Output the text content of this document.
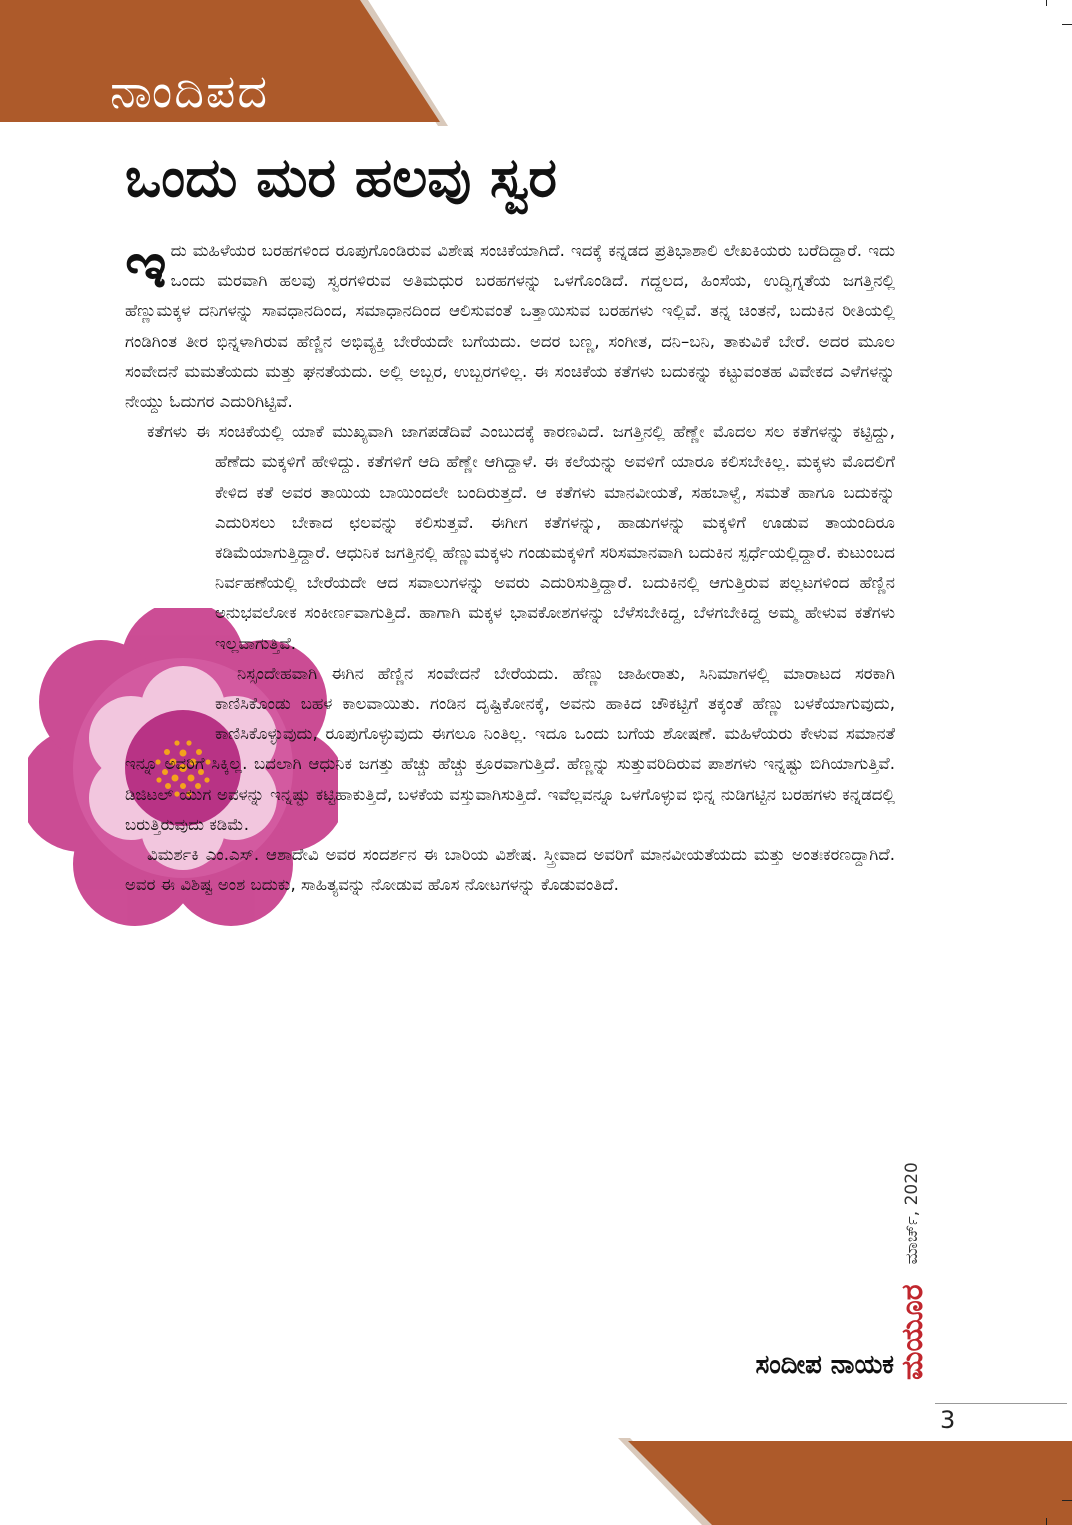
ನಾಂದಿಪದ
ಒಂದು ಮರ ಹಲವು ಸ್ವರ
ಇ ದು ಮಹಿಳೆಯರ ಬರಹಗಳಿಂದ ರೂಪುಗೊಂಡಿರುವ ವಿಶೇಷ ಸಂಚಿಕೆಯಾಗಿದೆ. ಇದಕ್ಕೆ ಕನ್ನಡದ ಪ್ರತಿಭಾಶಾಲಿ ಲೇಖಕಿಯರು ಬರೆದಿದ್ದಾರೆ. ಇದು ಒಂದು ಮರವಾಗಿ ಹಲವು ಸ್ವರಗಳಿರುವ ಅತಿಮಧುರ ಬರಹಗಳನ್ನು ಒಳಗೊಂಡಿದೆ. ಗದ್ದಲದ, ಹಿಂಸೆಯ, ಉದ್ವಿಗ್ನತೆಯ ಜಗತ್ತಿನಲ್ಲಿ ಹೆಣ್ಣುಮಕ್ಕಳ ದನಿಗಳನ್ನು ಸಾವಧಾನದಿಂದ, ಸಮಾಧಾನದಿಂದ ಆಲಿಸುವಂತೆ ಒತ್ತಾಯಿಸುವ ಬರಹಗಳು ಇಲ್ಲಿವೆ. ತನ್ನ ಚಿಂತನೆ, ಬದುಕಿನ ರೀತಿಯಲ್ಲಿ ಗಂಡಿಗಿಂತ ತೀರ ಭಿನ್ನಳಾಗಿರುವ ಹೆಣ್ಣಿನ ಅಭಿವ್ಯಕ್ತಿ ಬೇರೆಯದೇ ಬಗೆಯದು. ಅದರ ಬಣ್ಣ, ಸಂಗೀತ, ದನಿ–ಬನಿ, ತಾಕುವಿಕೆ ಬೇರೆ. ಅದರ ಮೂಲ ಸಂವೇದನೆ ಮಮತೆಯದು ಮತ್ತು ಘನತೆಯದು. ಅಲ್ಲಿ ಅಬ್ಬರ, ಉಬ್ಬರಗಳಿಲ್ಲ. ಈ ಸಂಚಿಕೆಯ ಕತೆಗಳು ಬದುಕನ್ನು ಕಟ್ಟುವಂತಹ ವಿವೇಕದ ಎಳೆಗಳನ್ನು ನೇಯ್ದು ಓದುಗರ ಎದುರಿಗಿಟ್ಟಿವೆ.

ಕತೆಗಳು ಈ ಸಂಚಿಕೆಯಲ್ಲಿ ಯಾಕೆ ಮುಖ್ಯವಾಗಿ ಜಾಗಪಡೆದಿವೆ ಎಂಬುದಕ್ಕೆ ಕಾರಣವಿದೆ. ಜಗತ್ತಿನಲ್ಲಿ ಹೆಣ್ಣೇ ಮೊದಲ ಸಲ ಕತೆಗಳನ್ನು ಕಟ್ಟಿದ್ದು, ಹೆಣೆದು ಮಕ್ಕಳಿಗೆ ಹೇಳಿದ್ದು. ಕತೆಗಳಿಗೆ ಆದಿ ಹೆಣ್ಣೇ ಆಗಿದ್ದಾಳೆ. ಈ ಕಲೆಯನ್ನು ಅವಳಿಗೆ ಯಾರೂ ಕಲಿಸಬೇಕಿಲ್ಲ. ಮಕ್ಕಳು ಮೊದಲಿಗೆ ಕೇಳಿದ ಕತೆ ಅವರ ತಾಯಿಯ ಬಾಯಿಂದಲೇ ಬಂದಿರುತ್ತದೆ. ಆ ಕತೆಗಳು ಮಾನವೀಯತೆ, ಸಹಬಾಳ್ವೆ, ಸಮತೆ ಹಾಗೂ ಬದುಕನ್ನು ಎದುರಿಸಲು ಬೇಕಾದ ಛಲವನ್ನು ಕಲಿಸುತ್ತವೆ. ಈಗೀಗ ಕತೆಗಳನ್ನು, ಹಾಡುಗಳನ್ನು ಮಕ್ಕಳಿಗೆ ಊಡುವ ತಾಯಂದಿರೂ ಕಡಿಮೆಯಾಗುತ್ತಿದ್ದಾರೆ. ಆಧುನಿಕ ಜಗತ್ತಿನಲ್ಲಿ ಹೆಣ್ಣುಮಕ್ಕಳು ಗಂಡುಮಕ್ಕಳಿಗೆ ಸರಿಸಮಾನವಾಗಿ ಬದುಕಿನ ಸ್ಪರ್ಧೆಯಲ್ಲಿದ್ದಾರೆ. ಕುಟುಂಬದ ನಿರ್ವಹಣೆಯಲ್ಲಿ ಬೇರೆಯದೇ ಆದ ಸವಾಲುಗಳನ್ನು ಅವರು ಎದುರಿಸುತ್ತಿದ್ದಾರೆ. ಬದುಕಿನಲ್ಲಿ ಆಗುತ್ತಿರುವ ಪಲ್ಲಟಗಳಿಂದ ಹೆಣ್ಣಿನ ಅನುಭವಲೋಕ ಸಂಕೀರ್ಣವಾಗುತ್ತಿದೆ. ಹಾಗಾಗಿ ಮಕ್ಕಳ ಭಾವಕೋಶಗಳನ್ನು ಬೆಳೆಸಬೇಕಿದ್ದ, ಬೆಳಗಬೇಕಿದ್ದ ಅಮ್ಮ ಹೇಳುವ ಕತೆಗಳು ಇಲ್ಲವಾಗುತ್ತಿವೆ.

ನಿಸ್ಸಂದೇಹವಾಗಿ ಈಗಿನ ಹೆಣ್ಣಿನ ಸಂವೇದನೆ ಬೇರೆಯದು. ಹೆಣ್ಣು ಜಾಹೀರಾತು, ಸಿನಿಮಾಗಳಲ್ಲಿ ಮಾರಾಟದ ಸರಕಾಗಿ ಕಾಣಿಸಿಕೊಂಡು ಬಹಳ ಕಾಲವಾಯಿತು. ಗಂಡಿನ ದೃಷ್ಟಿಕೋನಕ್ಕೆ, ಅವನು ಹಾಕಿದ ಚೌಕಟ್ಟಿಗೆ ತಕ್ಕಂತೆ ಹೆಣ್ಣು ಬಳಕೆಯಾಗುವುದು, ಕಾಣಿಸಿಕೊಳ್ಳುವುದು, ರೂಪುಗೊಳ್ಳುವುದು ಈಗಲೂ ನಿಂತಿಲ್ಲ. ಇದೂ ಒಂದು ಬಗೆಯ ಶೋಷಣೆ. ಮಹಿಳೆಯರು ಕೇಳುವ ಸಮಾನತೆ ಇನ್ನೂ ಅವರಿಗೆ ಸಿಕ್ಕಿಲ್ಲ. ಬದಲಾಗಿ ಆಧುನಿಕ ಜಗತ್ತು ಹೆಚ್ಚು ಹೆಚ್ಚು ಕ್ರೂರವಾಗುತ್ತಿದೆ. ಹೆಣ್ಣನ್ನು ಸುತ್ತುವರಿದಿರುವ ಪಾಶಗಳು ಇನ್ನಷ್ಟು ಬಿಗಿಯಾಗುತ್ತಿವೆ. ಡಿಜಿಟಲ್ ಯುಗ ಅವಳನ್ನು ಇನ್ನಷ್ಟು ಕಟ್ಟಿಹಾಕುತ್ತಿದೆ, ಬಳಕೆಯ ವಸ್ತುವಾಗಿಸುತ್ತಿದೆ. ಇವೆಲ್ಲವನ್ನೂ ಒಳಗೊಳ್ಳುವ ಭಿನ್ನ ನುಡಿಗಟ್ಟಿನ ಬರಹಗಳು ಕನ್ನಡದಲ್ಲಿ ಬರುತ್ತಿರುವುದು ಕಡಿಮೆ.

ವಿಮರ್ಶಕಿ ಎಂ.ಎಸ್. ಆಶಾದೇವಿ ಅವರ ಸಂದರ್ಶನ ಈ ಬಾರಿಯ ವಿಶೇಷ. ಸ್ತ್ರೀವಾದ ಅವರಿಗೆ ಮಾನವೀಯತೆಯದು ಮತ್ತು ಅಂತಃಕರಣದ್ದಾಗಿದೆ. ಅವರ ಈ ವಿಶಿಷ್ಟ ಅಂಶ ಬದುಕು, ಸಾಹಿತ್ಯವನ್ನು ನೋಡುವ ಹೊಸ ನೋಟಗಳನ್ನು ಕೊಡುವಂತಿದೆ.

ಸಂದೀಪ ನಾಯಕ ಮಯೂರ
ಮಾರ್ಚ್, 2020
3
